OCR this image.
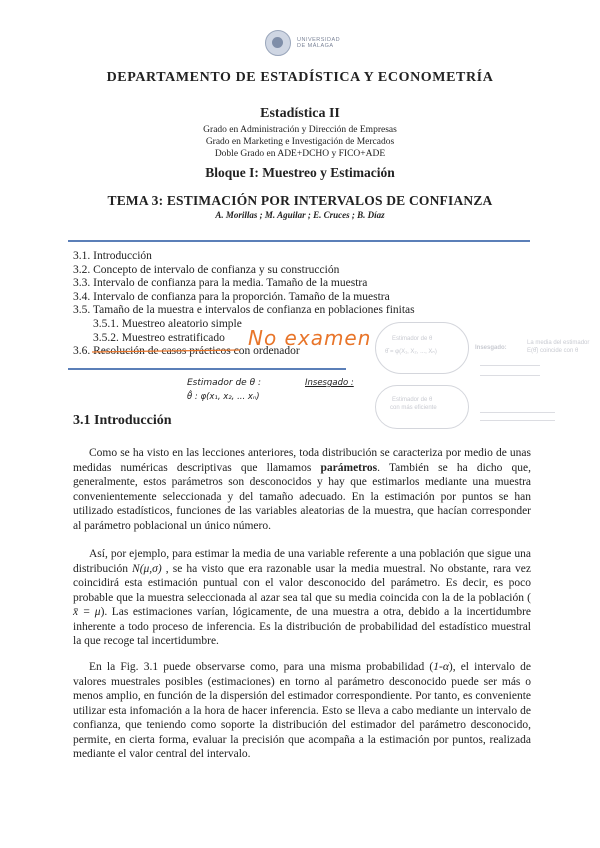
UNIVERSIDAD
DE MÁLAGA
DEPARTAMENTO DE ESTADÍSTICA Y ECONOMETRÍA
Estadística II
Grado en Administración y Dirección de Empresas
Grado en Marketing e Investigación de Mercados
Doble Grado en ADE+DCHO y FICO+ADE
Bloque I: Muestreo y Estimación
TEMA 3: ESTIMACIÓN POR INTERVALOS DE CONFIANZA
A. Morillas ; M. Aguilar ; E. Cruces ; B. Díaz
3.1. Introducción
3.2. Concepto de intervalo de confianza y su construcción
3.3. Intervalo de confianza para la media. Tamaño de la muestra
3.4. Intervalo de confianza para la proporción. Tamaño de la muestra
3.5. Tamaño de la muestra e intervalos de confianza en poblaciones finitas
3.5.1. Muestreo aleatorio simple
3.5.2. Muestreo estratificado
3.6. Resolución de casos prácticos con ordenador
Estimador de θ
θ̂ = φ(X₁, X₂, ..., Xₙ)
Insesgado:
La media del estimador
E(θ̂) coincide con θ
Estimador de θ
con más eficiente
No examen
Estimador de θ :
θ̂ : φ(x₁, x₂, ... xₙ)
Insesgado :
3.1 Introducción

Como se ha visto en las lecciones anteriores, toda distribución se caracteriza por medio de unas medidas numéricas descriptivas que llamamos parámetros. También se ha dicho que, generalmente, estos parámetros son desconocidos y hay que estimarlos mediante una muestra convenientemente seleccionada y del tamaño adecuado. En la estimación por puntos se han utilizado estadísticos, funciones de las variables aleatorias de la muestra, que hacían corresponder al parámetro poblacional un único número.

Así, por ejemplo, para estimar la media de una variable referente a una población que sigue una distribución N(μ,σ) , se ha visto que era razonable usar la media muestral. No obstante, rara vez coincidirá esta estimación puntual con el valor desconocido del parámetro. Es decir, es poco probable que la muestra seleccionada al azar sea tal que su media coincida con la de la población ( x̄ = μ). Las estimaciones varían, lógicamente, de una muestra a otra, debido a la incertidumbre inherente a todo proceso de inferencia. Es la distribución de probabilidad del estadístico muestral la que recoge tal incertidumbre.

En la Fig. 3.1 puede observarse como, para una misma probabilidad (1-α), el intervalo de valores muestrales posibles (estimaciones) en torno al parámetro desconocido puede ser más o menos amplio, en función de la dispersión del estimador correspondiente. Por tanto, es conveniente utilizar esta infomación a la hora de hacer inferencia. Esto se lleva a cabo mediante un intervalo de confianza, que teniendo como soporte la distribución del estimador del parámetro desconocido, permite, en cierta forma, evaluar la precisión que acompaña a la estimación por puntos, realizada mediante el valor central del intervalo.
